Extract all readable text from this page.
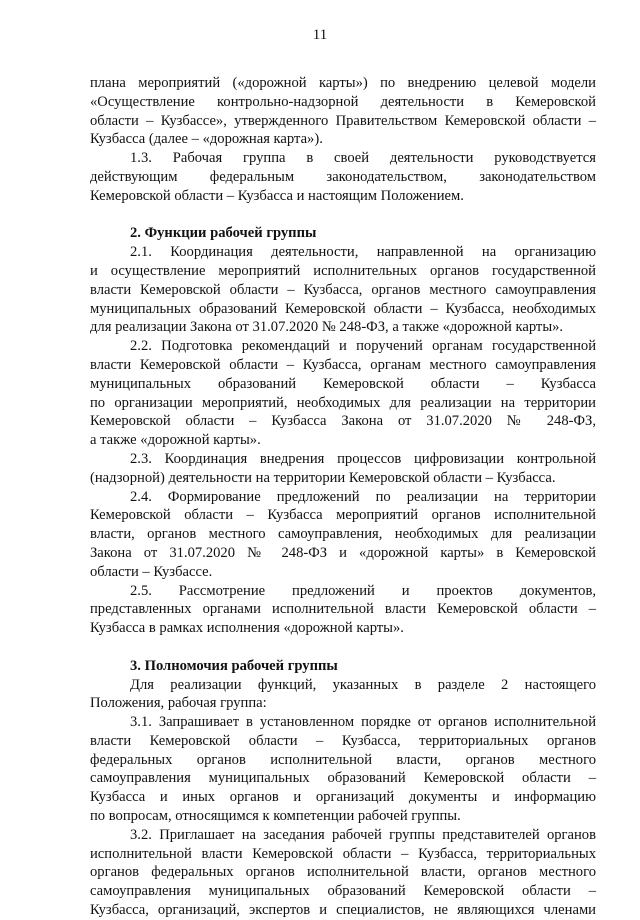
11

плана мероприятий («дорожной карты») по внедрению целевой модели
«Осуществление контрольно-надзорной деятельности в Кемеровской
области – Кузбассе», утвержденного Правительством Кемеровской области –
Кузбасса (далее – «дорожная карта»).

1.3. Рабочая группа в своей деятельности руководствуется
действующим федеральным законодательством, законодательством
Кемеровской области – Кузбасса и настоящим Положением.

2. Функции рабочей группы

2.1. Координация деятельности, направленной на организацию
и осуществление мероприятий исполнительных органов государственной
власти Кемеровской области – Кузбасса, органов местного самоуправления
муниципальных образований Кемеровской области – Кузбасса, необходимых
для реализации Закона от 31.07.2020 № 248-ФЗ, а также «дорожной карты».

2.2. Подготовка рекомендаций и поручений органам государственной
власти Кемеровской области – Кузбасса, органам местного самоуправления
муниципальных образований Кемеровской области – Кузбасса
по организации мероприятий, необходимых для реализации на территории
Кемеровской области – Кузбасса Закона от 31.07.2020 № 248-ФЗ,
а также «дорожной карты».

2.3. Координация внедрения процессов цифровизации контрольной
(надзорной) деятельности на территории Кемеровской области – Кузбасса.

2.4. Формирование предложений по реализации на территории
Кемеровской области – Кузбасса мероприятий органов исполнительной
власти, органов местного самоуправления, необходимых для реализации
Закона от 31.07.2020 № 248-ФЗ и «дорожной карты» в Кемеровской
области – Кузбассе.

2.5. Рассмотрение предложений и проектов документов,
представленных органами исполнительной власти Кемеровской области –
Кузбасса в рамках исполнения «дорожной карты».

3. Полномочия рабочей группы

Для реализации функций, указанных в разделе 2 настоящего
Положения, рабочая группа:

3.1. Запрашивает в установленном порядке от органов исполнительной
власти Кемеровской области – Кузбасса, территориальных органов
федеральных органов исполнительной власти, органов местного
самоуправления муниципальных образований Кемеровской области –
Кузбасса и иных органов и организаций документы и информацию
по вопросам, относящимся к компетенции рабочей группы.

3.2. Приглашает на заседания рабочей группы представителей органов
исполнительной власти Кемеровской области – Кузбасса, территориальных
органов федеральных органов исполнительной власти, органов местного
самоуправления муниципальных образований Кемеровской области –
Кузбасса, организаций, экспертов и специалистов, не являющихся членами
